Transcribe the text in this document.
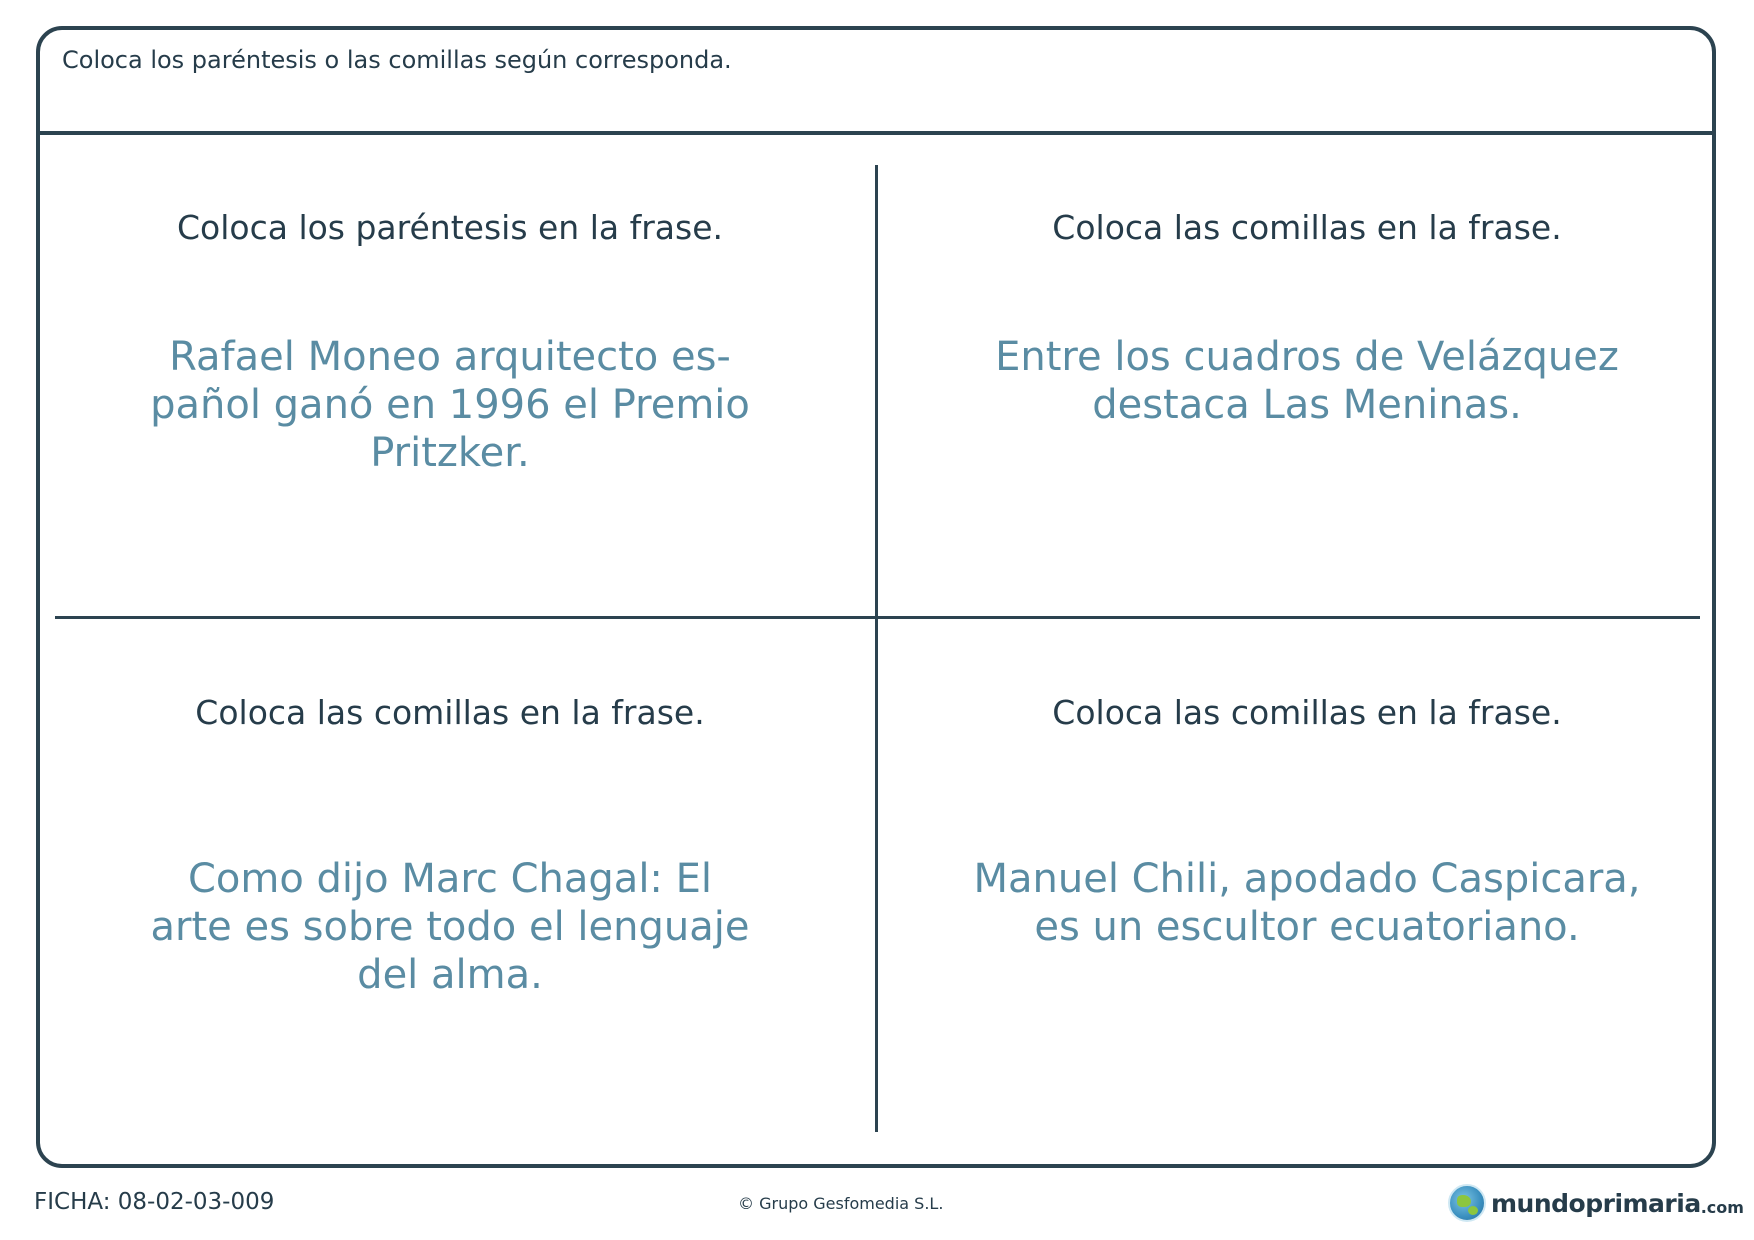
Coloca los paréntesis o las comillas según corresponda.
Coloca los paréntesis en la frase.
Rafael Moneo arquitecto es-pañol ganó en 1996 el Premio Pritzker.
Coloca las comillas en la frase.
Entre los cuadros de Velázquez destaca Las Meninas.
Coloca las comillas en la frase.
Como dijo Marc Chagal: El arte es sobre todo el lenguaje del alma.
Coloca las comillas en la frase.
Manuel Chili, apodado Caspicara, es un escultor ecuatoriano.
FICHA: 08-02-03-009	© Grupo Gesfomedia S.L.	mundoprimaria .com
